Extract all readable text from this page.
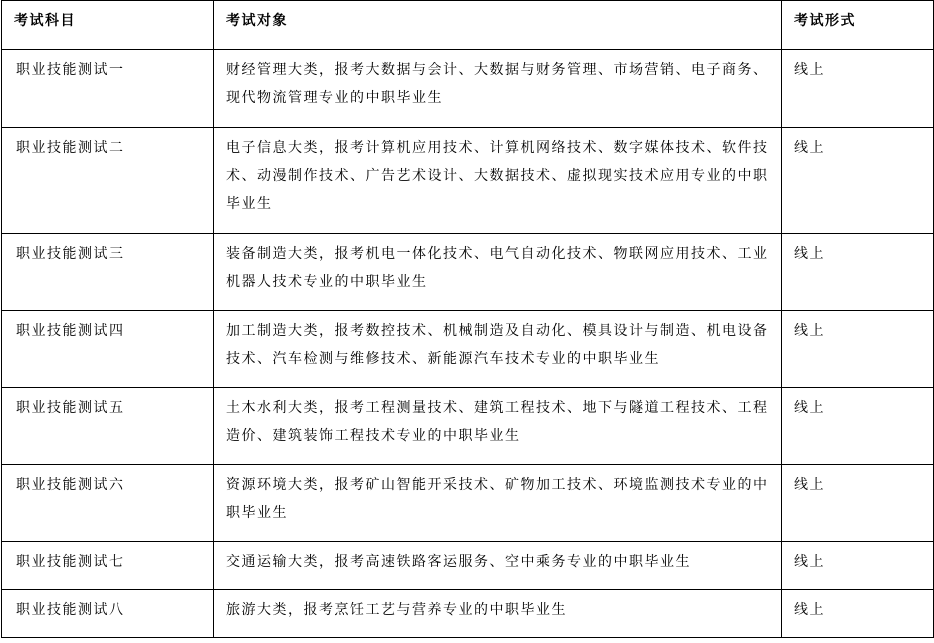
考试科目	考试对象	考试形式
职业技能测试一	财经管理大类，报考大数据与会计、大数据与财务管理、市场营销、电子商务、现代物流管理专业的中职毕业生	线上
职业技能测试二	电子信息大类，报考计算机应用技术、计算机网络技术、数字媒体技术、软件技术、动漫制作技术、广告艺术设计、大数据技术、虚拟现实技术应用专业的中职毕业生	线上
职业技能测试三	装备制造大类，报考机电一体化技术、电气自动化技术、物联网应用技术、工业机器人技术专业的中职毕业生	线上
职业技能测试四	加工制造大类，报考数控技术、机械制造及自动化、模具设计与制造、机电设备技术、汽车检测与维修技术、新能源汽车技术专业的中职毕业生	线上
职业技能测试五	土木水利大类，报考工程测量技术、建筑工程技术、地下与隧道工程技术、工程造价、建筑装饰工程技术专业的中职毕业生	线上
职业技能测试六	资源环境大类，报考矿山智能开采技术、矿物加工技术、环境监测技术专业的中职毕业生	线上
职业技能测试七	交通运输大类，报考高速铁路客运服务、空中乘务专业的中职毕业生	线上
职业技能测试八	旅游大类，报考烹饪工艺与营养专业的中职毕业生	线上
